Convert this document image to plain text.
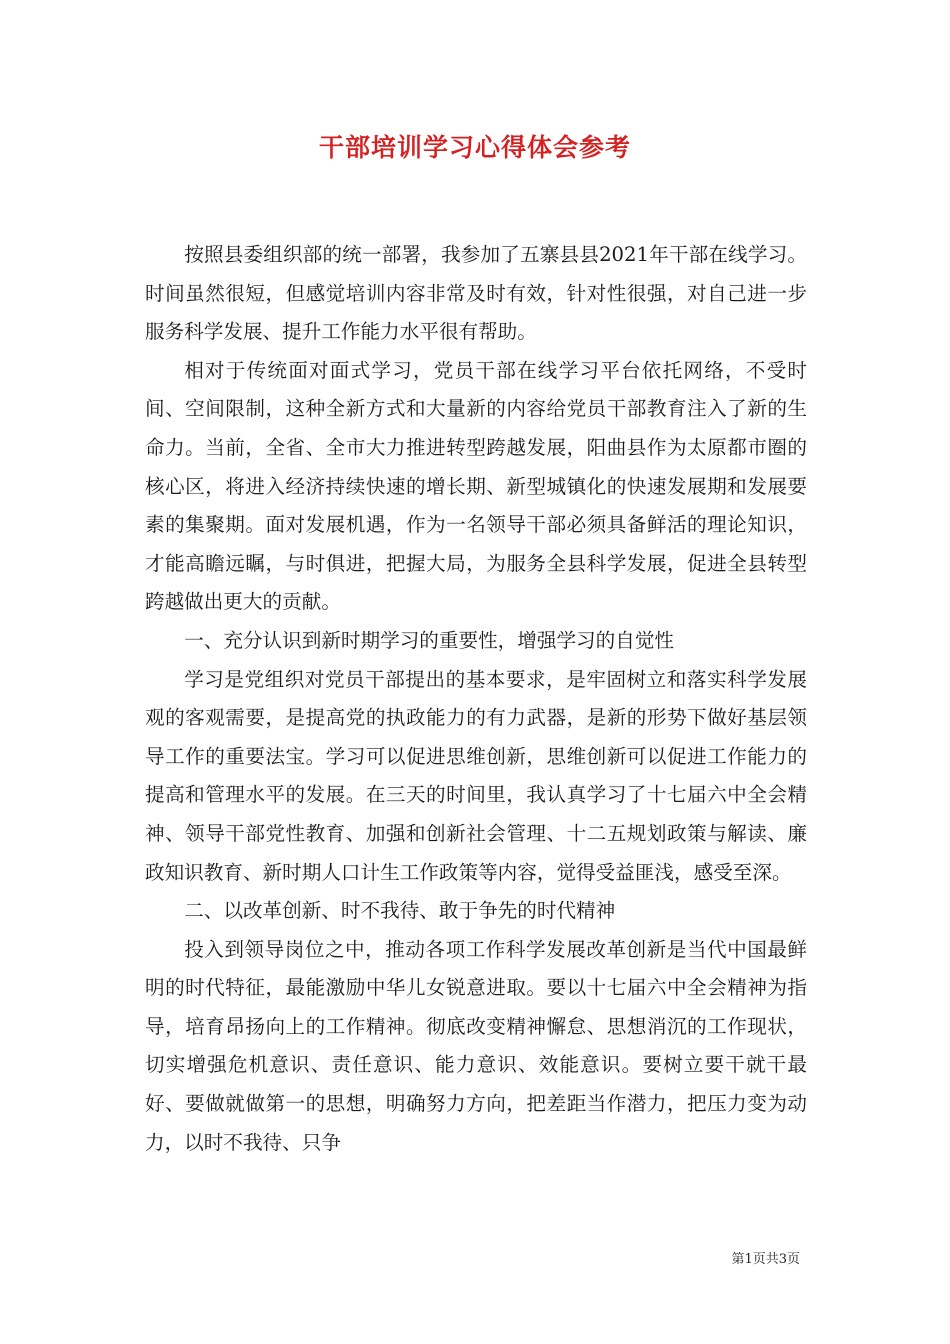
干部培训学习心得体会参考

按照县委组织部的统一部署，我参加了五寨县县2021年干部在线学习。时间虽然很短，但感觉培训内容非常及时有效，针对性很强，对自己进一步服务科学发展、提升工作能力水平很有帮助。

相对于传统面对面式学习，党员干部在线学习平台依托网络，不受时间、空间限制，这种全新方式和大量新的内容给党员干部教育注入了新的生命力。当前，全省、全市大力推进转型跨越发展，阳曲县作为太原都市圈的核心区，将进入经济持续快速的增长期、新型城镇化的快速发展期和发展要素的集聚期。面对发展机遇，作为一名领导干部必须具备鲜活的理论知识，才能高瞻远瞩，与时俱进，把握大局，为服务全县科学发展，促进全县转型跨越做出更大的贡献。

一、充分认识到新时期学习的重要性，增强学习的自觉性

学习是党组织对党员干部提出的基本要求，是牢固树立和落实科学发展观的客观需要，是提高党的执政能力的有力武器，是新的形势下做好基层领导工作的重要法宝。学习可以促进思维创新，思维创新可以促进工作能力的提高和管理水平的发展。在三天的时间里，我认真学习了十七届六中全会精神、领导干部党性教育、加强和创新社会管理、十二五规划政策与解读、廉政知识教育、新时期人口计生工作政策等内容，觉得受益匪浅，感受至深。

二、以改革创新、时不我待、敢于争先的时代精神

投入到领导岗位之中，推动各项工作科学发展改革创新是当代中国最鲜明的时代特征，最能激励中华儿女锐意进取。要以十七届六中全会精神为指导，培育昂扬向上的工作精神。彻底改变精神懈怠、思想消沉的工作现状，切实增强危机意识、责任意识、能力意识、效能意识。要树立要干就干最好、要做就做第一的思想，明确努力方向，把差距当作潜力，把压力变为动力，以时不我待、只争

第1页共3页
